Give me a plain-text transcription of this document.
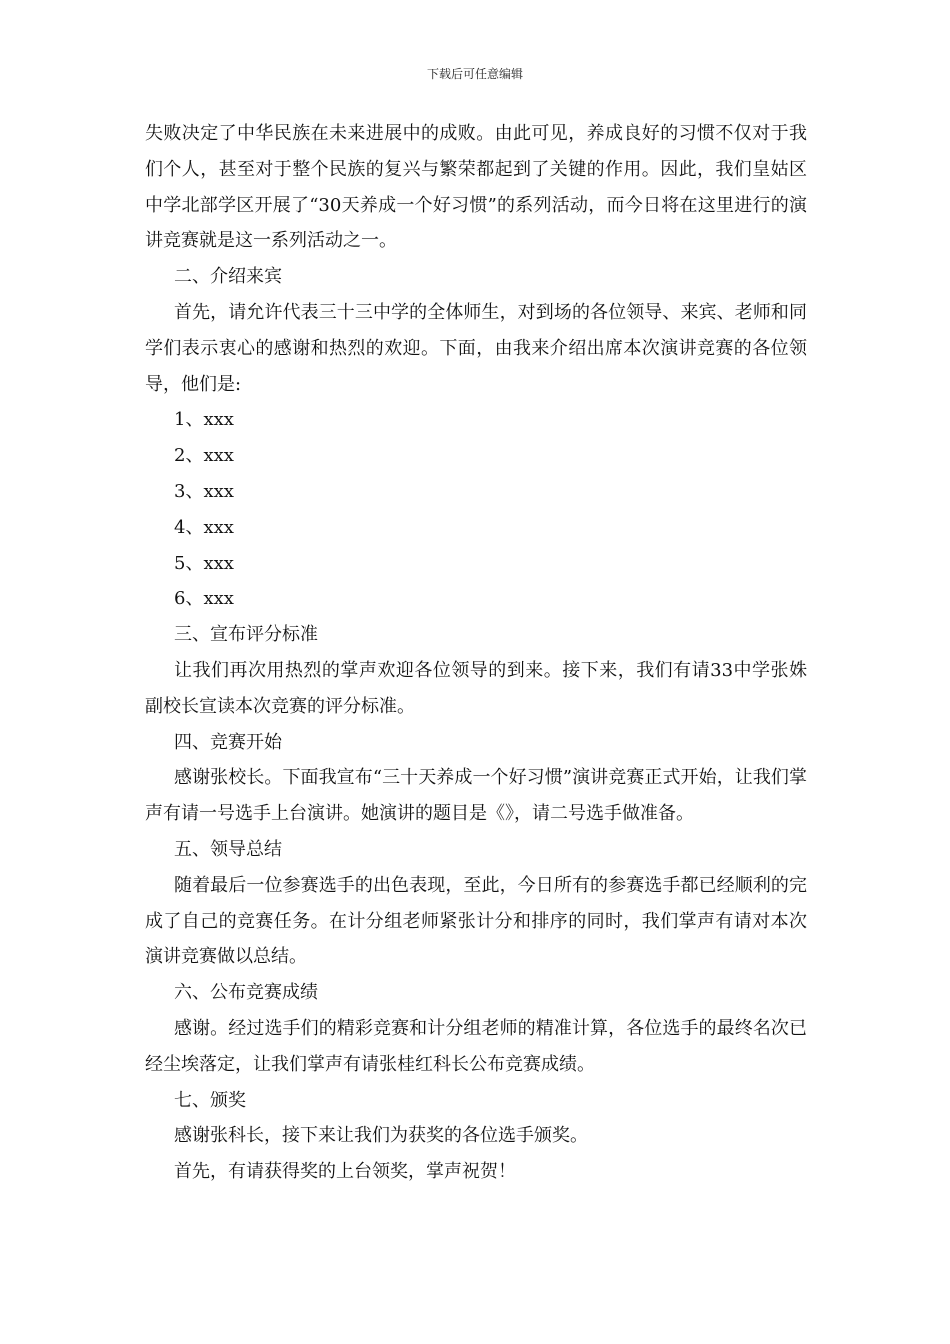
下载后可任意编辑

失败决定了中华民族在未来进展中的成败。由此可见，养成良好的习惯不仅对于我们个人，甚至对于整个民族的复兴与繁荣都起到了关键的作用。因此，我们皇姑区中学北部学区开展了“30天养成一个好习惯”的系列活动，而今日将在这里进行的演讲竞赛就是这一系列活动之一。

二、介绍来宾

首先，请允许代表三十三中学的全体师生，对到场的各位领导、来宾、老师和同学们表示衷心的感谢和热烈的欢迎。下面，由我来介绍出席本次演讲竞赛的各位领导，他们是:

1、xxx

2、xxx

3、xxx

4、xxx

5、xxx

6、xxx

三、宣布评分标准

让我们再次用热烈的掌声欢迎各位领导的到来。接下来，我们有请33中学张姝副校长宣读本次竞赛的评分标准。

四、竞赛开始

感谢张校长。下面我宣布“三十天养成一个好习惯”演讲竞赛正式开始，让我们掌声有请一号选手上台演讲。她演讲的题目是《》，请二号选手做准备。

五、领导总结

随着最后一位参赛选手的出色表现，至此，今日所有的参赛选手都已经顺利的完成了自己的竞赛任务。在计分组老师紧张计分和排序的同时，我们掌声有请对本次演讲竞赛做以总结。

六、公布竞赛成绩

感谢。经过选手们的精彩竞赛和计分组老师的精准计算，各位选手的最终名次已经尘埃落定，让我们掌声有请张桂红科长公布竞赛成绩。

七、颁奖

感谢张科长，接下来让我们为获奖的各位选手颁奖。

首先，有请获得奖的上台领奖，掌声祝贺！
